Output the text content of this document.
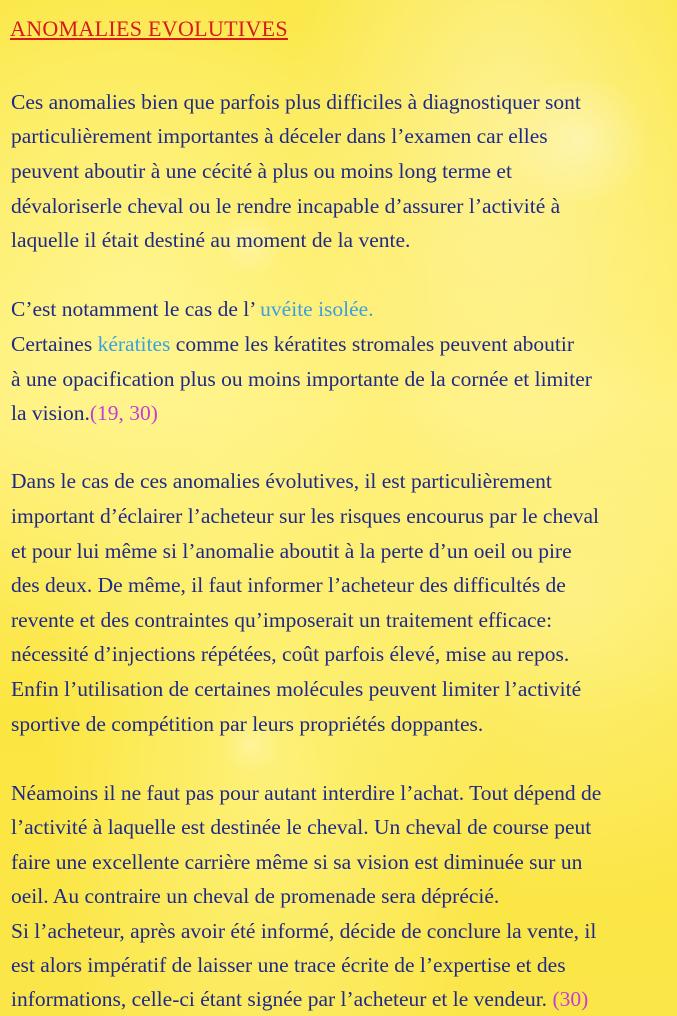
ANOMALIES EVOLUTIVES
Ces anomalies bien que parfois plus difficiles à diagnostiquer sont
particulièrement importantes à déceler dans l’examen car elles
peuvent aboutir à une cécité à plus ou moins long terme et
dévaloriserle cheval ou le rendre incapable d’assurer l’activité à
laquelle il était destiné au moment de la vente.
C’est notamment le cas de l’ uvéite isolée.
Certaines kératites comme les kératites stromales peuvent aboutir
à une opacification plus ou moins importante de la cornée et limiter
la vision.(19, 30)
Dans le cas de ces anomalies évolutives, il est particulièrement
important d’éclairer l’acheteur sur les risques encourus par le cheval
et pour lui même si l’anomalie aboutit à la perte d’un oeil ou pire
des deux. De même, il faut informer l’acheteur des difficultés de
revente et des contraintes qu’imposerait un traitement efficace:
nécessité d’injections répétées, coût parfois élevé, mise au repos.
Enfin l’utilisation de certaines molécules peuvent limiter l’activité
sportive de compétition par leurs propriétés doppantes.
Néamoins il ne faut pas pour autant interdire l’achat. Tout dépend de
l’activité à laquelle est destinée le cheval. Un cheval de course peut
faire une excellente carrière même si sa vision est diminuée sur un
oeil. Au contraire un cheval de promenade sera déprécié.
Si l’acheteur, après avoir été informé, décide de conclure la vente, il
est alors impératif de laisser une trace écrite de l’expertise et des
informations, celle-ci étant signée par l’acheteur et le vendeur. (30)
